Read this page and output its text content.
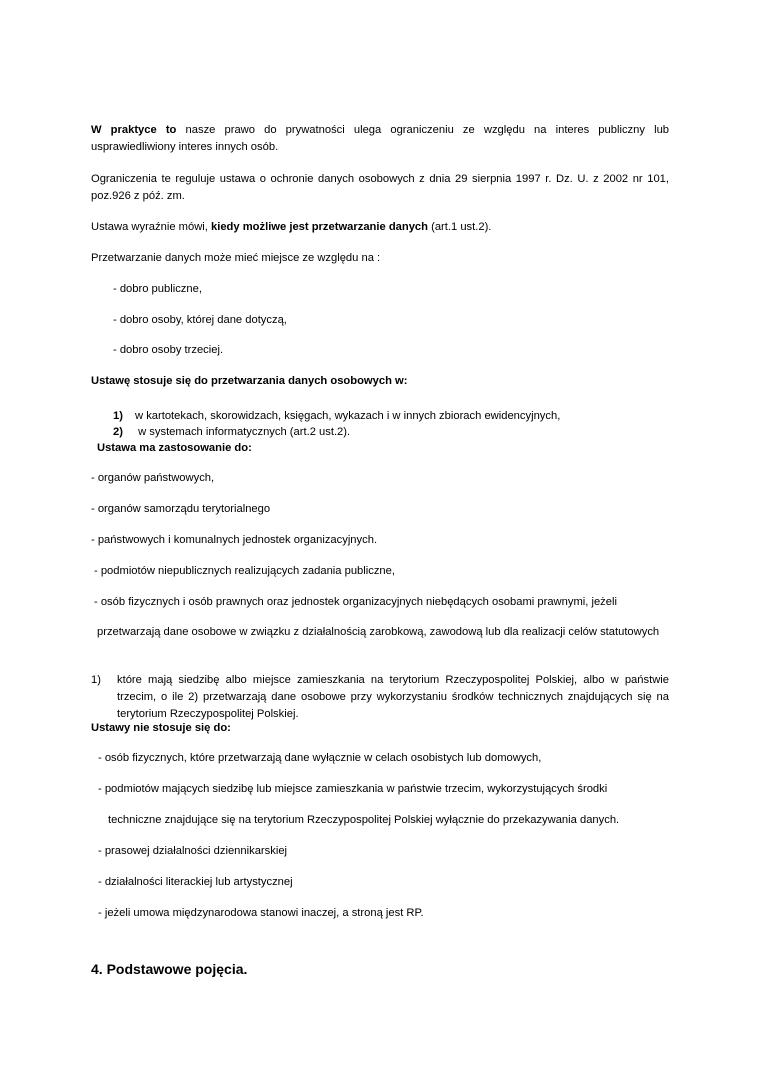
W praktyce to nasze prawo do prywatności ulega ograniczeniu ze względu na interes publiczny lub usprawiedliwiony interes innych osób.

Ograniczenia te reguluje ustawa o ochronie danych osobowych z dnia 29 sierpnia 1997 r. Dz. U. z 2002 nr 101, poz.926 z póź. zm.

Ustawa wyraźnie mówi, kiedy możliwe jest przetwarzanie danych (art.1 ust.2).

Przetwarzanie danych może mieć miejsce ze względu na :

- dobro publiczne,

- dobro osoby, której dane dotyczą,

- dobro osoby trzeciej.

Ustawę stosuje się do przetwarzania danych osobowych w:

1) w kartotekach, skorowidzach, księgach, wykazach i w innych zbiorach ewidencyjnych,

2) w systemach informatycznych (art.2 ust.2).

Ustawa ma zastosowanie do:

- organów państwowych,

- organów samorządu terytorialnego

- państwowych i komunalnych jednostek organizacyjnych.

- podmiotów niepublicznych realizujących zadania publiczne,

- osób fizycznych i osób prawnych oraz jednostek organizacyjnych niebędących osobami prawnymi, jeżeli

przetwarzają dane osobowe w związku z działalnością zarobkową, zawodową lub dla realizacji celów statutowych

1) które mają siedzibę albo miejsce zamieszkania na terytorium Rzeczypospolitej Polskiej, albo w państwie trzecim, o ile 2) przetwarzają dane osobowe przy wykorzystaniu środków technicznych znajdujących się na terytorium Rzeczypospolitej Polskiej.

Ustawy nie stosuje się do:

- osób fizycznych, które przetwarzają dane wyłącznie w celach osobistych lub domowych,

- podmiotów mających siedzibę lub miejsce zamieszkania w państwie trzecim, wykorzystujących środki

techniczne znajdujące się na terytorium Rzeczypospolitej Polskiej wyłącznie do przekazywania danych.

- prasowej działalności dziennikarskiej

- działalności literackiej lub artystycznej

- jeżeli umowa międzynarodowa stanowi inaczej, a stroną jest RP.

4. Podstawowe pojęcia.
